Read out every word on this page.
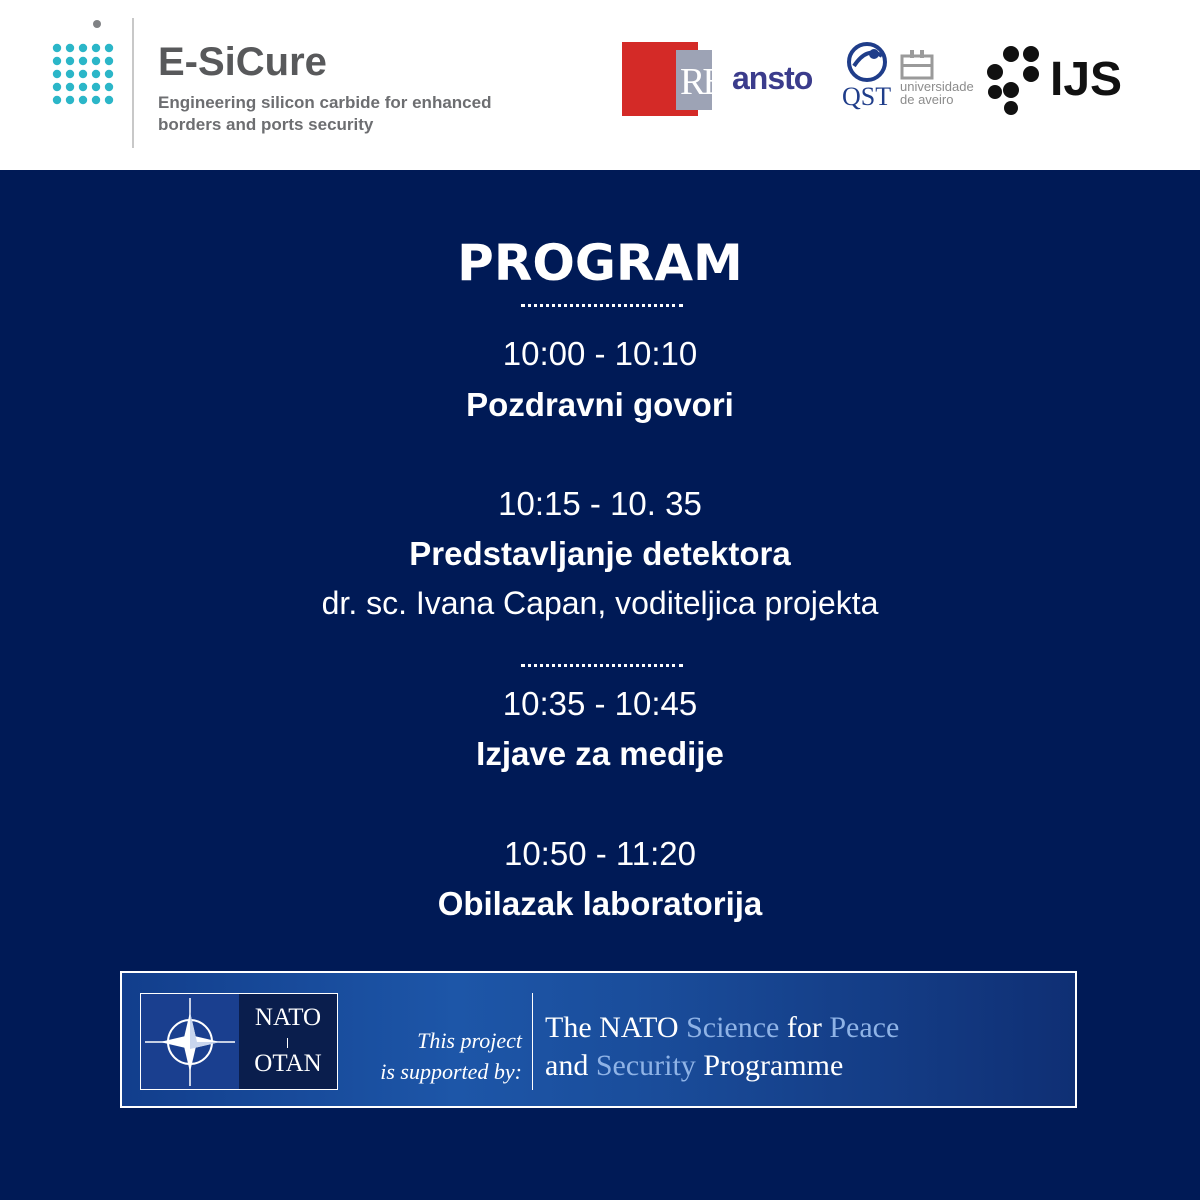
E-SiCure
Engineering silicon carbide for enhanced
borders and ports security
RB ansto
QST universidade
de aveiro	IJS
PROGRAM
10:00 - 10:10
Pozdravni govori
10:15 - 10. 35
Predstavljanje detektora
dr. sc. Ivana Capan, voditeljica projekta
10:35 - 10:45
Izjave za medije
10:50 - 11:20
Obilazak laboratorija
NATO
OTAN
This project
is supported by:
The NATO Science for Peace
and Security Programme
